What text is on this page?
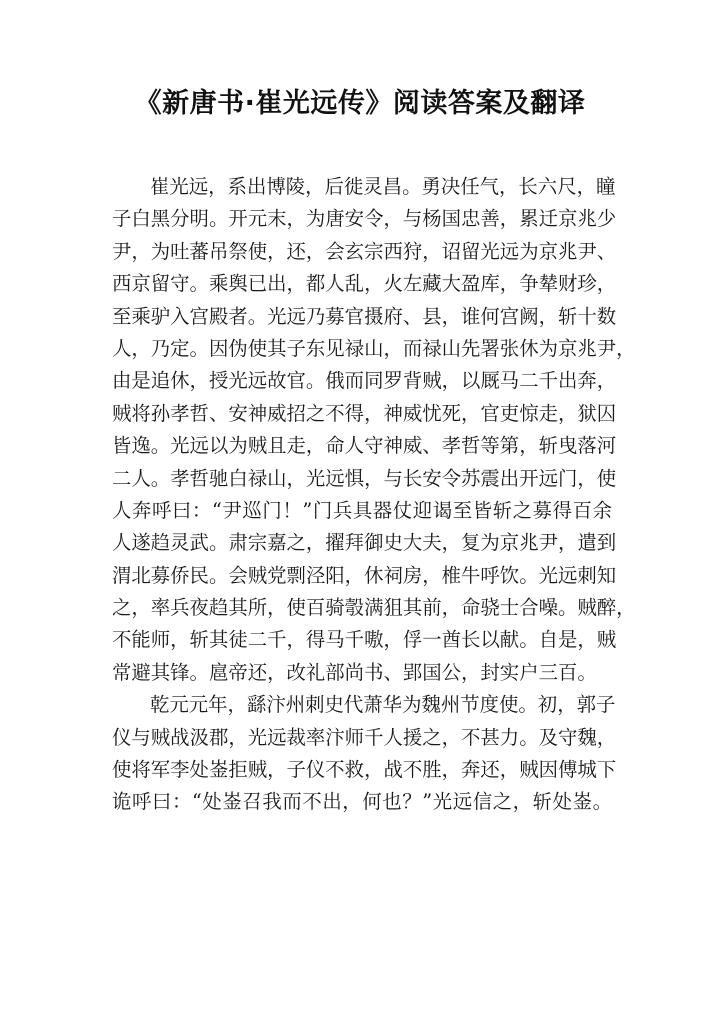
《新唐书·崔光远传》阅读答案及翻译
崔光远，系出博陵，后徙灵昌。勇决任气，长六尺，瞳
子白黑分明。开元末，为唐安令，与杨国忠善，累迁京兆少
尹，为吐蕃吊祭使，还，会玄宗西狩，诏留光远为京兆尹、
西京留守。乘舆已出，都人乱，火左藏大盈库，争辇财珍，
至乘驴入宫殿者。光远乃募官摄府、县，谁何宫阙，斩十数
人，乃定。因伪使其子东见禄山，而禄山先署张休为京兆尹，
由是追休，授光远故官。俄而同罗背贼，以厩马二千出奔，
贼将孙孝哲、安神威招之不得，神威忧死，官吏惊走，狱囚
皆逸。光远以为贼且走，命人守神威、孝哲等第，斩曳落河
二人。孝哲驰白禄山，光远惧，与长安令苏震出开远门，使
人奔呼曰：“尹巡门！”门兵具器仗迎谒至皆斩之募得百余
人遂趋灵武。肃宗嘉之，擢拜御史大夫，复为京兆尹，遣到
渭北募侨民。会贼党剽泾阳，休祠房，椎牛呼饮。光远刺知
之，率兵夜趋其所，使百骑彀满狙其前，命骁士合噪。贼醉，
不能师，斩其徒二千，得马千嗷，俘一酋长以献。自是，贼
常避其锋。扈帝还，改礼部尚书、郢国公，封实户三百。
乾元元年，繇汴州刺史代萧华为魏州节度使。初，郭子
仪与贼战汲郡，光远裁率汴师千人援之，不甚力。及守魏，
使将军李处崟拒贼，子仪不救，战不胜，奔还，贼因傅城下
诡呼曰：“处崟召我而不出，何也？”光远信之，斩处崟。
